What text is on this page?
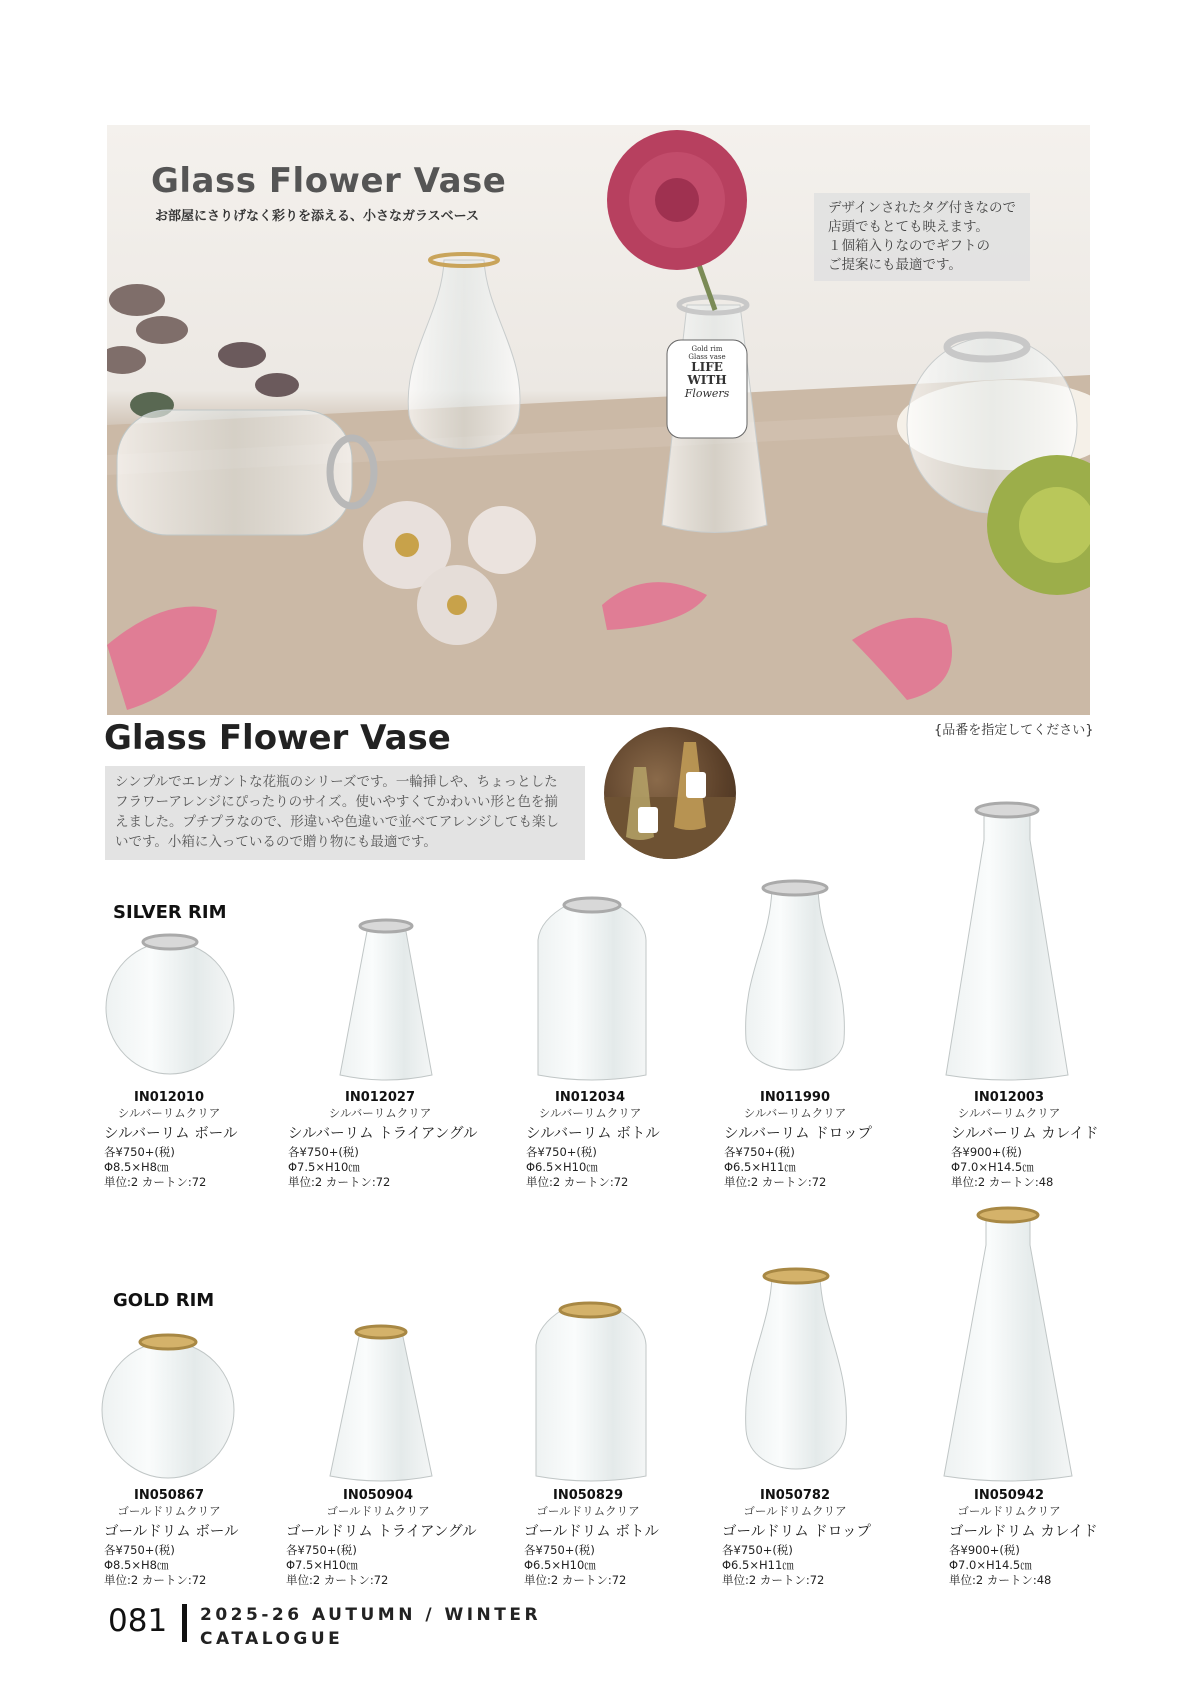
Glass Flower Vase
お部屋にさりげなく彩りを添える、小さなガラスベース
Gold rim
Glass vase
LIFE
WITH
Flowers
デザインされたタグ付きなので
店頭でもとても映えます。
１個箱入りなのでギフトの
ご提案にも最適です。
Glass Flower Vase	{品番を指定してください}
シンプルでエレガントな花瓶のシリーズです。一輪挿しや、ちょっとした
フラワーアレンジにぴったりのサイズ。使いやすくてかわいい形と色を揃
えました。プチプラなので、形違いや色違いで並べてアレンジしても楽し
いです。小箱に入っているので贈り物にも最適です。
SILVER RIM
IN012010
シルバーリムクリア
シルバーリム ボール
各¥750+(税)
Φ8.5×H8㎝
単位:2 カートン:72
IN012027
シルバーリムクリア
シルバーリム トライアングル
各¥750+(税)
Φ7.5×H10㎝
単位:2 カートン:72
IN012034
シルバーリムクリア
シルバーリム ボトル
各¥750+(税)
Φ6.5×H10㎝
単位:2 カートン:72
IN011990
シルバーリムクリア
シルバーリム ドロップ
各¥750+(税)
Φ6.5×H11㎝
単位:2 カートン:72
IN012003
シルバーリムクリア
シルバーリム カレイド
各¥900+(税)
Φ7.0×H14.5㎝
単位:2 カートン:48
GOLD RIM
IN050867
ゴールドリムクリア
ゴールドリム ボール
各¥750+(税)
Φ8.5×H8㎝
単位:2 カートン:72
IN050904
ゴールドリムクリア
ゴールドリム トライアングル
各¥750+(税)
Φ7.5×H10㎝
単位:2 カートン:72
IN050829
ゴールドリムクリア
ゴールドリム ボトル
各¥750+(税)
Φ6.5×H10㎝
単位:2 カートン:72
IN050782
ゴールドリムクリア
ゴールドリム ドロップ
各¥750+(税)
Φ6.5×H11㎝
単位:2 カートン:72
IN050942
ゴールドリムクリア
ゴールドリム カレイド
各¥900+(税)
Φ7.0×H14.5㎝
単位:2 カートン:48
081 2025-26 AUTUMN / WINTER
CATALOGUE
